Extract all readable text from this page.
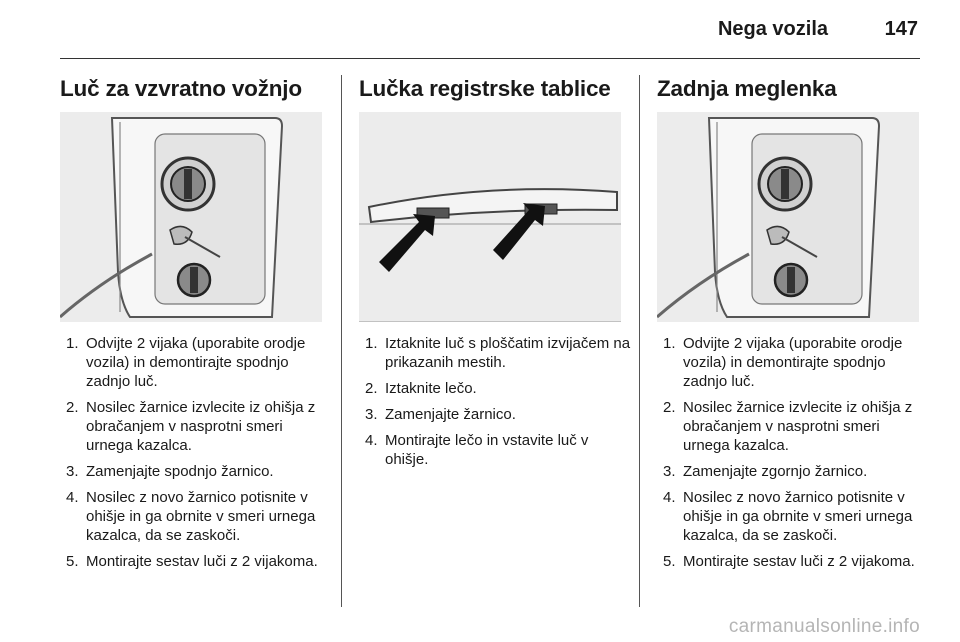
Nega vozila	147
Luč za vzvratno vožnjo
1. Odvijte 2 vijaka (uporabite orodje vozila) in demontirajte spodnjo zadnjo luč.
2. Nosilec žarnice izvlecite iz ohišja z obračanjem v nasprotni smeri urnega kazalca.
3. Zamenjajte spodnjo žarnico.
4. Nosilec z novo žarnico potisnite v ohišje in ga obrnite v smeri urnega kazalca, da se zaskoči.
5. Montirajte sestav luči z 2 vijakoma.
Lučka registrske tablice
1. Iztaknite luč s ploščatim izvijačem na prikazanih mestih.
2. Iztaknite lečo.
3. Zamenjajte žarnico.
4. Montirajte lečo in vstavite luč v ohišje.
Zadnja meglenka
1. Odvijte 2 vijaka (uporabite orodje vozila) in demontirajte spodnjo zadnjo luč.
2. Nosilec žarnice izvlecite iz ohišja z obračanjem v nasprotni smeri urnega kazalca.
3. Zamenjajte zgornjo žarnico.
4. Nosilec z novo žarnico potisnite v ohišje in ga obrnite v smeri urnega kazalca, da se zaskoči.
5. Montirajte sestav luči z 2 vijakoma.
carmanualsonline.info
